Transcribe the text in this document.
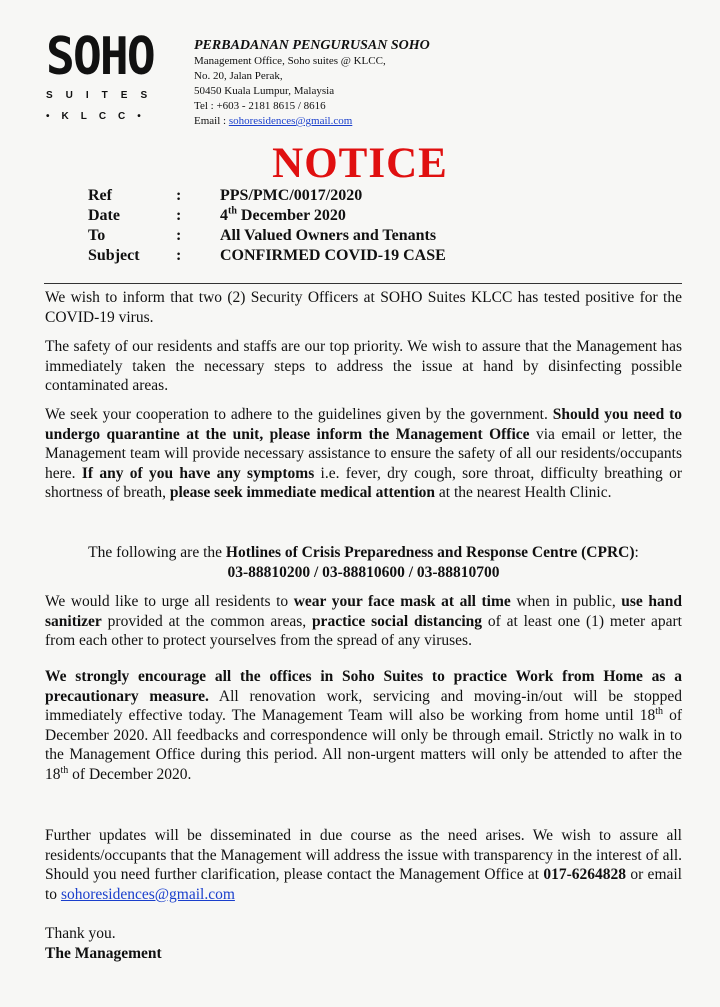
SOHO
SUITES
•KLCC•
PERBADANAN PENGURUSAN SOHO
Management Office, Soho suites @ KLCC,
No. 20, Jalan Perak,
50450 Kuala Lumpur, Malaysia
Tel : +603 - 2181 8615 / 8616
Email : sohoresidences@gmail.com
NOTICE
Ref	:	PPS/PMC/0017/2020
Date	:	4th December 2020
To	:	All Valued Owners and Tenants
Subject	:	CONFIRMED COVID-19 CASE

We wish to inform that two (2) Security Officers at SOHO Suites KLCC has tested positive for the COVID-19 virus.

The safety of our residents and staffs are our top priority. We wish to assure that the Management has immediately taken the necessary steps to address the issue at hand by disinfecting possible contaminated areas.

We seek your cooperation to adhere to the guidelines given by the government. Should you need to undergo quarantine at the unit, please inform the Management Office via email or letter, the Management team will provide necessary assistance to ensure the safety of all our residents/occupants here. If any of you have any symptoms i.e. fever, dry cough, sore throat, difficulty breathing or shortness of breath, please seek immediate medical attention at the nearest Health Clinic.

The following are the Hotlines of Crisis Preparedness and Response Centre (CPRC):

03-88810200 / 03-88810600 / 03-88810700

We would like to urge all residents to wear your face mask at all time when in public, use hand sanitizer provided at the common areas, practice social distancing of at least one (1) meter apart from each other to protect yourselves from the spread of any viruses.

We strongly encourage all the offices in Soho Suites to practice Work from Home as a precautionary measure. All renovation work, servicing and moving-in/out will be stopped immediately effective today. The Management Team will also be working from home until 18th of December 2020. All feedbacks and correspondence will only be through email. Strictly no walk in to the Management Office during this period. All non-urgent matters will only be attended to after the 18th of December 2020.

Further updates will be disseminated in due course as the need arises. We wish to assure all residents/occupants that the Management will address the issue with transparency in the interest of all. Should you need further clarification, please contact the Management Office at 017-6264828 or email to sohoresidences@gmail.com

Thank you.

The Management
